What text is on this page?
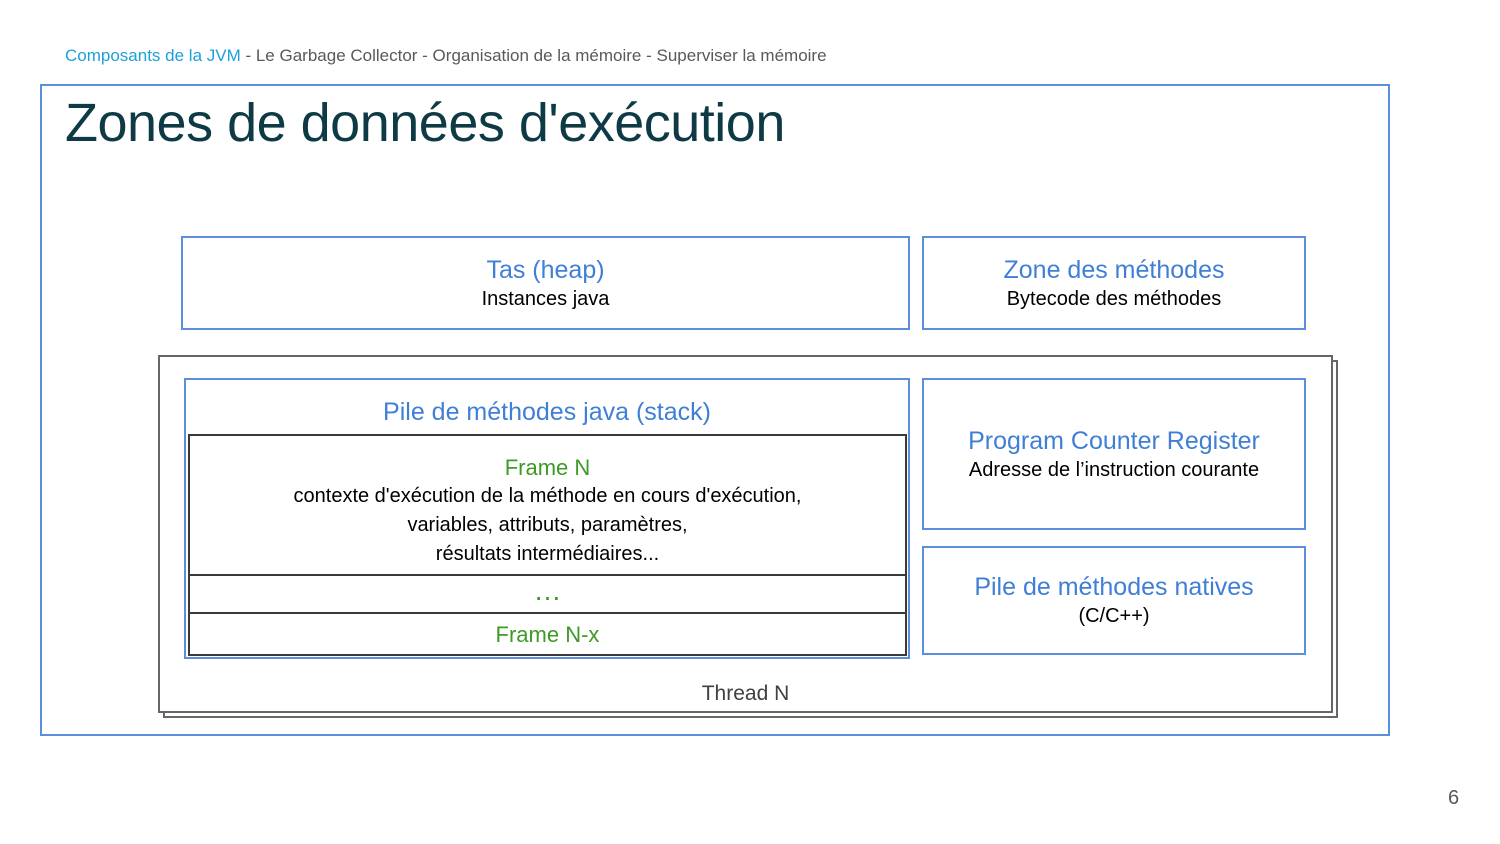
Composants de la JVM - Le Garbage Collector - Organisation de la mémoire - Superviser la mémoire
Zones de données d'exécution
Tas (heap)
Instances java
Zone des méthodes
Bytecode des méthodes
Pile de méthodes java (stack)
Frame N
contexte d'exécution de la méthode en cours d'exécution,
variables, attributs, paramètres,
résultats intermédiaires...
…
Frame N-x
Program Counter Register
Adresse de l’instruction courante
Pile de méthodes natives
(C/C++)
Thread N
6
